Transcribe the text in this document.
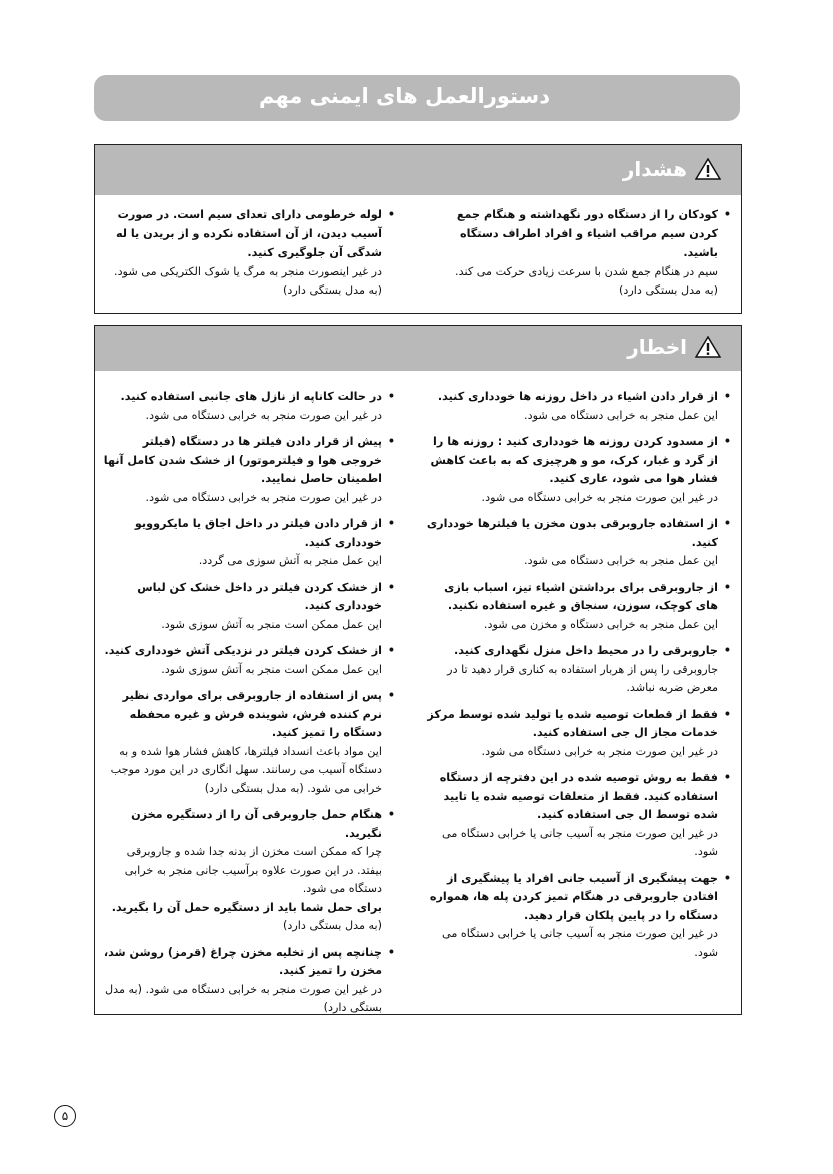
دستورالعمل های ایمنی مهم
هشدار
• کودکان را از دستگاه دور نگهداشته و هنگام جمع کردن سیم مراقب اشیاء و افراد اطراف دستگاه باشید.
سیم در هنگام جمع شدن با سرعت زیادی حرکت می کند.
(به مدل بستگی دارد)
• لوله خرطومی دارای تعدای سیم است. در صورت آسیب دیدن، از آن استفاده نکرده و از بریدن یا له شدگی آن جلوگیری کنید.
در غیر اینصورت منجر به مرگ یا شوک الکتریکی می شود.
(به مدل بستگی دارد)
اخطار
• از قرار دادن اشیاء در داخل روزنه ها خودداری کنید.
این عمل منجر به خرابی دستگاه می شود.
• از مسدود کردن روزنه ها خودداری کنید : روزنه ها را از گرد و غبار، کرک، مو و هرچیزی که به باعث کاهش فشار هوا می شود، عاری کنید.
در غیر این صورت منجر به خرابی دستگاه می شود.
• از استفاده جاروبرقی بدون مخزن یا فیلترها خودداری کنید.
این عمل منجر به خرابی دستگاه می شود.
• از جاروبرقی برای برداشتن اشیاء تیز، اسباب بازی های کوچک، سوزن، سنجاق و غیره استفاده نکنید.
این عمل منجر به خرابی دستگاه و مخزن می شود.
• جاروبرقی را در محیط داخل منزل نگهداری کنید.
جاروبرقی را پس از هربار استفاده به کناری قرار دهید تا در معرض ضربه نباشد.
• فقط از قطعات توصیه شده یا تولید شده توسط مرکز خدمات مجاز ال جی استفاده کنید.
در غیر این صورت منجر به خرابی دستگاه می شود.
• فقط به روش توصیه شده در این دفترچه از دستگاه استفاده کنید. فقط از متعلقات توصیه شده یا تایید شده توسط ال جی استفاده کنید.
در غیر این صورت منجر به آسیب جانی یا خرابی دستگاه می شود.
• جهت پیشگیری از آسیب جانی افراد یا پیشگیری از افتادن جاروبرقی در هنگام تمیز کردن پله ها، همواره دستگاه را در پایین پلکان قرار دهید.
در غیر این صورت منجر به آسیب جانی یا خرابی دستگاه می شود.
• در حالت کاناپه از نازل های جانبی استفاده کنید.
در غیر این صورت منجر به خرابی دستگاه می شود.
• پیش از قرار دادن فیلتر ها در دستگاه (فیلتر خروجی هوا و فیلترموتور) از خشک شدن کامل آنها اطمینان حاصل نمایید.
در غیر این صورت منجر به خرابی دستگاه می شود.
• از قرار دادن فیلتر در داخل اجاق یا مایکروویو خودداری کنید.
این عمل منجر به آتش سوزی می گردد.
• از خشک کردن فیلتر در داخل خشک کن لباس خودداری کنید.
این عمل ممکن است منجر به آتش سوزی شود.
• از خشک کردن فیلتر در نزدیکی آتش خودداری کنید.
این عمل ممکن است منجر به آتش سوزی شود.
• پس از استفاده از جاروبرقی برای مواردی نظیر نرم کننده فرش، شوینده فرش و غیره محفظه دستگاه را تمیز کنید.
این مواد باعث انسداد فیلترها، کاهش فشار هوا شده و به دستگاه آسیب می رسانند. سهل انگاری در این مورد موجب خرابی می شود. (به مدل بستگی دارد)
• هنگام حمل جاروبرقی آن را از دستگیره مخزن نگیرید.
چرا که ممکن است مخزن از بدنه جدا شده و جاروبرقی بیفتد. در این صورت علاوه برآسیب جانی منجر به خرابی دستگاه می شود.
برای حمل شما باید از دستگیره حمل آن را بگیرید.
(به مدل بستگی دارد)
• چنانچه پس از تخلیه مخزن چراغ (قرمز) روشن شد، مخزن را تمیز کنید.
در غیر این صورت منجر به خرابی دستگاه می شود. (به مدل بستگی دارد)
۵
